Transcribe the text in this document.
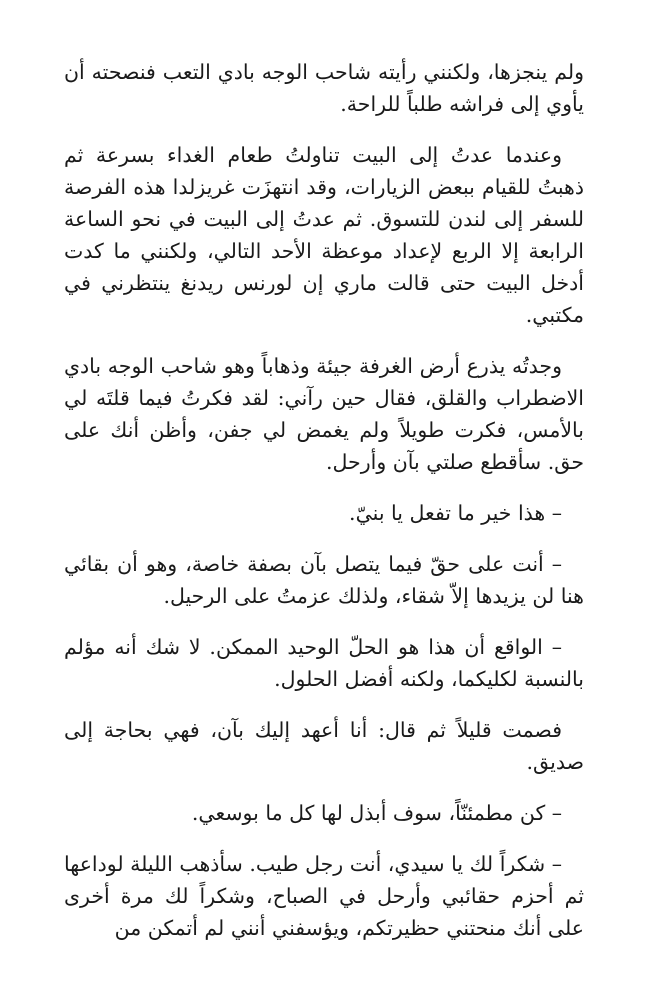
ولم ينجزها، ولكنني رأيته شاحب الوجه بادي التعب فنصحته أن يأوي إلى فراشه طلباً للراحة.

وعندما عدتُ إلى البيت تناولتُ طعام الغداء بسرعة ثم ذهبتُ للقيام ببعض الزيارات، وقد انتهزَت غريزلدا هذه الفرصة للسفر إلى لندن للتسوق. ثم عدتُ إلى البيت في نحو الساعة الرابعة إلا الربع لإعداد موعظة الأحد التالي، ولكنني ما كدت أدخل البيت حتى قالت ماري إن لورنس ريدنغ ينتظرني في مكتبي.

وجدتُه يذرع أرض الغرفة جيئة وذهاباً وهو شاحب الوجه بادي الاضطراب والقلق، فقال حين رآني: لقد فكرتُ فيما قلتَه لي بالأمس، فكرت طويلاً ولم يغمض لي جفن، وأظن أنك على حق. سأقطع صلتي بآن وأرحل.

– هذا خير ما تفعل يا بنيّ.

– أنت على حقّ فيما يتصل بآن بصفة خاصة، وهو أن بقائي هنا لن يزيدها إلاّ شقاء، ولذلك عزمتُ على الرحيل.

– الواقع أن هذا هو الحلّ الوحيد الممكن. لا شك أنه مؤلم بالنسبة لكليكما، ولكنه أفضل الحلول.

فصمت قليلاً ثم قال: أنا أعهد إليك بآن، فهي بحاجة إلى صديق.

– كن مطمئنّاً، سوف أبذل لها كل ما بوسعي.

– شكراً لك يا سيدي، أنت رجل طيب. سأذهب الليلة لوداعها ثم أحزم حقائبي وأرحل في الصباح، وشكراً لك مرة أخرى على أنك منحتني حظيرتكم، ويؤسفني أنني لم أتمكن من
